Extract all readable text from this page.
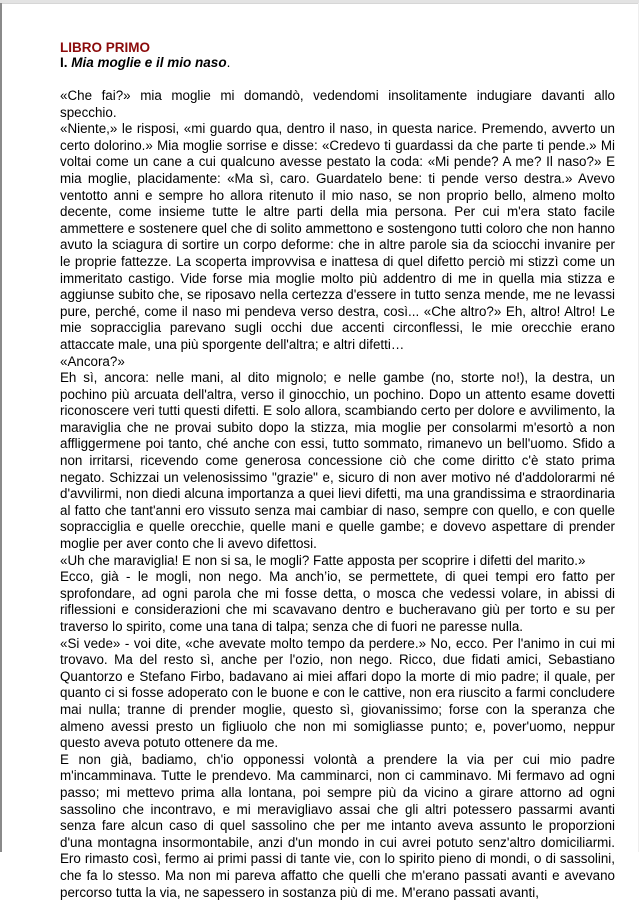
LIBRO PRIMO
I. Mia moglie e il mio naso.

«Che fai?» mia moglie mi domandò, vedendomi insolitamente indugiare davanti allo specchio.

«Niente,» le risposi, «mi guardo qua, dentro il naso, in questa narice. Premendo, avverto un certo dolorino.» Mia moglie sorrise e disse: «Credevo ti guardassi da che parte ti pende.» Mi voltai come un cane a cui qualcuno avesse pestato la coda: «Mi pende? A me? Il naso?» E mia moglie, placidamente: «Ma sì, caro. Guardatelo bene: ti pende verso destra.» Avevo ventotto anni e sempre ho allora ritenuto il mio naso, se non proprio bello, almeno molto decente, come insieme tutte le altre parti della mia persona. Per cui m'era stato facile ammettere e sostenere quel che di solito ammettono e sostengono tutti coloro che non hanno avuto la sciagura di sortire un corpo deforme: che in altre parole sia da sciocchi invanire per le proprie fattezze. La scoperta improvvisa e inattesa di quel difetto perciò mi stizzì come un immeritato castigo. Vide forse mia moglie molto più addentro di me in quella mia stizza e aggiunse subito che, se riposavo nella certezza d'essere in tutto senza mende, me ne levassi pure, perché, come il naso mi pendeva verso destra, così... «Che altro?» Eh, altro! Altro! Le mie sopracciglia parevano sugli occhi due accenti circonflessi, le mie orecchie erano attaccate male, una più sporgente dell'altra; e altri difetti…

«Ancora?»

Eh sì, ancora: nelle mani, al dito mignolo; e nelle gambe (no, storte no!), la destra, un pochino più arcuata dell'altra, verso il ginocchio, un pochino. Dopo un attento esame dovetti riconoscere veri tutti questi difetti. E solo allora, scambiando certo per dolore e avvilimento, la maraviglia che ne provai subito dopo la stizza, mia moglie per consolarmi m'esortò a non affliggermene poi tanto, ché anche con essi, tutto sommato, rimanevo un bell'uomo. Sfido a non irritarsi, ricevendo come generosa concessione ciò che come diritto c'è stato prima negato. Schizzai un velenosissimo "grazie" e, sicuro di non aver motivo né d'addolorarmi né d'avvilirmi, non diedi alcuna importanza a quei lievi difetti, ma una grandissima e straordinaria al fatto che tant'anni ero vissuto senza mai cambiar di naso, sempre con quello, e con quelle sopracciglia e quelle orecchie, quelle mani e quelle gambe; e dovevo aspettare di prender moglie per aver conto che li avevo difettosi.

«Uh che maraviglia! E non si sa, le mogli? Fatte apposta per scoprire i difetti del marito.»

Ecco, già - le mogli, non nego. Ma anch’io, se permettete, di quei tempi ero fatto per sprofondare, ad ogni parola che mi fosse detta, o mosca che vedessi volare, in abissi di riflessioni e considerazioni che mi scavavano dentro e bucheravano giù per torto e su per traverso lo spirito, come una tana di talpa; senza che di fuori ne paresse nulla.

«Si vede» - voi dite, «che avevate molto tempo da perdere.» No, ecco. Per l'animo in cui mi trovavo. Ma del resto sì, anche per l'ozio, non nego. Ricco, due fidati amici, Sebastiano Quantorzo e Stefano Firbo, badavano ai miei affari dopo la morte di mio padre; il quale, per quanto ci si fosse adoperato con le buone e con le cattive, non era riuscito a farmi concludere mai nulla; tranne di prender moglie, questo sì, giovanissimo; forse con la speranza che almeno avessi presto un figliuolo che non mi somigliasse punto; e, pover'uomo, neppur questo aveva potuto ottenere da me.

E non già, badiamo, ch'io opponessi volontà a prendere la via per cui mio padre m'incamminava. Tutte le prendevo. Ma camminarci, non ci camminavo. Mi fermavo ad ogni passo; mi mettevo prima alla lontana, poi sempre più da vicino a girare attorno ad ogni sassolino che incontravo, e mi meravigliavo assai che gli altri potessero passarmi avanti senza fare alcun caso di quel sassolino che per me intanto aveva assunto le proporzioni d'una montagna insormontabile, anzi d'un mondo in cui avrei potuto senz'altro domiciliarmi. Ero rimasto così, fermo ai primi passi di tante vie, con lo spirito pieno di mondi, o di sassolini, che fa lo stesso. Ma non mi pareva affatto che quelli che m'erano passati avanti e avevano percorso tutta la via, ne sapessero in sostanza più di me. M'erano passati avanti,
